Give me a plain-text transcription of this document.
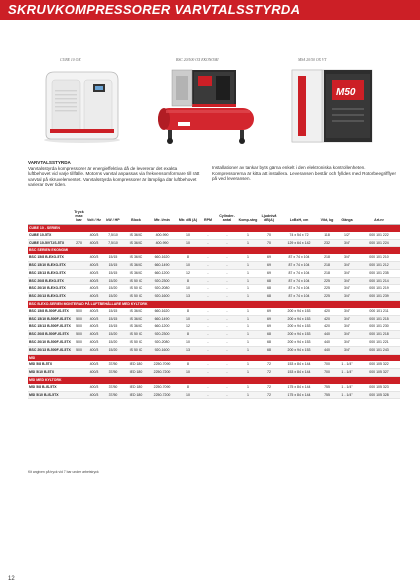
SKRUVKOMPRESSORER VARVTALSSTYRDA
CUBE 10 OX	BSC 20/500 OX EKONOMI	MSA 20/50 OX VT
M50
VARVTALSSTYRDA
Varvtalsstyrda kompressorer är energieffektiva då de levererar det exakta luftbehovet vid varje tillfälle. Motorns varvtal anpassas via frekvensomformare till rätt varvtal på skruvelementet. Varvtalsstyrda kompressorer är lämpliga där luftbehovet varierar över tiden.
Installationer av tankar byts gärna enkelt i den elektroniska kontrollenheten. Kompressorerna är kitta att installera. Leveransen består och fylldes med Rotorbeegrifflyer på ved leveransen.
	Tryck max bar	Volt / Hz	kW / HP	Block	Mtr. l/min	Mtr. dB (A)	RPM	Cylinder-antal	Komp-steg	Ljudnivå dB(A)	LxBxH, cm	Vikt, kg	Gänga	Art.nr
CUBE 10 - SERIEN														
CUBE 10-5TX		400/3	7,5/10	IS 36/IC	400-990	10	-	-	1	70	74 x 54 x 72	118	1/2"	000 101 222
CUBE 10-5/VT-IS-5TX	270	400/3	7,5/10	IS 36/IC	400-990	10	-	-	1	70	129 x 64 x 142	232	3/4"	000 101 224
BSC SERIEN EKONOMI														
BSC 15/8 B-EXO-5TX		400/3	15/15	IS 36/IC	660-1620	8	-	-	1	69	87 x 74 x 104	218	3/4"	000 101 210
BSC 15/10 B-EXO-5TX		400/3	15/15	IS 36/IC	660-1490	10	-	-	1	69	87 x 74 x 104	218	3/4"	000 101 212
BSC 15/13 B-EXO-5TX		400/3	15/15	IS 36/IC	660-1200	12	-	-	1	69	87 x 74 x 104	218	3/4"	000 101 235
BSC 20/8 B-EXO-5TX		400/3	15/20	IS 50 IC	920-2300	8	-	-	1	68	87 x 74 x 104	225	3/4"	000 101 214
BSC 20/10 B-EXO-5TX		400/3	15/20	IS 50 IC	920-2080	10	-	-	1	68	87 x 74 x 104	225	3/4"	000 101 219
BSC 20/13 B-EXO-5TX		400/3	15/20	IS 50 IC	920-1600	13	-	-	1	68	87 x 74 x 104	225	3/4"	000 101 239
BSC B-EXO-SERIEN MONTERAD PÅ LUFTBEHÅLLARE MED KYLTORK														
BSC 15/8 B-500F-IS-5TX	500	400/3	15/15	IS 36/IC	660-1620	8	-	-	1	69	200 x 94 x 153	420	3/4"	000 101 211
BSC 15/10 B-500F-IS-5TX	500	400/3	15/15	IS 36/IC	660-1490	10	-	-	1	69	200 x 94 x 153	420	3/4"	000 101 215
BSC 15/13 B-500F-IS-5TX	500	400/3	15/15	IS 36/IC	660-1200	12	-	-	1	69	200 x 94 x 153	420	3/4"	000 101 230
BSC 20/8 B-500F-IS-5TX	500	400/3	15/20	IS 50 IC	920-2300	8	-	-	1	68	200 x 94 x 153	440	3/4"	000 101 218
BSC 20/10 B-500F-IS-5TX	500	400/3	15/20	IS 50 IC	920-2080	10	-	-	1	68	200 x 94 x 153	440	3/4"	000 101 221
BSC 20/13 B-500F-IS-5TX	500	400/3	15/20	IS 50 IC	920-1600	13	-	-	1	68	200 x 94 x 153	440	3/4"	000 101 243
MSI														
MSI 5/8 B-5TX		400/3	37/50	IED 180	2250-7090	8	-	-	1	72	153 x 84 x 144	700	1 - 1/4"	000 105 322
MSI 5/10 B-5TX		400/3	37/50	IED 180	2250-7200	10	-	-	1	72	153 x 84 x 144	700	1 - 1/4"	000 105 327
MSI MED KYLTORK														
MSI 5/8 B-IS-5TX		400/3	37/50	IED 180	2250-7090	8	-	-	1	72	175 x 84 x 144	755	1 - 1/4"	000 105 323
MSI 5/10 B-IS-5TX		400/3	37/50	IED 180	2250-7200	10	-	-	1	72	175 x 84 x 144	755	1 - 1/4"	000 105 328
Kit angiven på tryck vid 7 bar under arbetstryck
12
